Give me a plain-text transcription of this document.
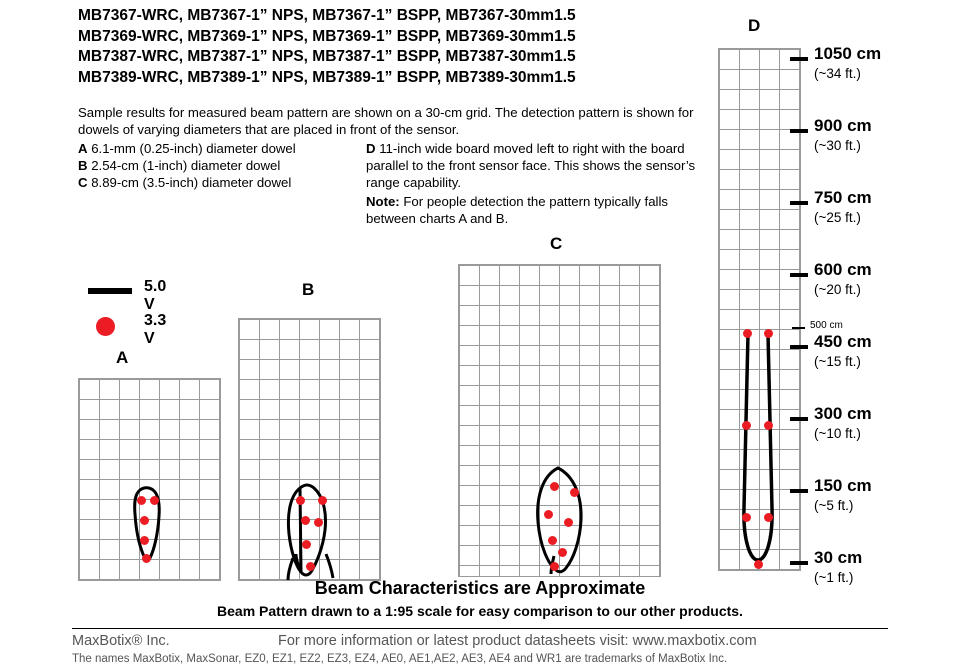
MB7367-WRC, MB7367-1” NPS, MB7367-1” BSPP, MB7367-30mm1.5
MB7369-WRC, MB7369-1” NPS, MB7369-1” BSPP, MB7369-30mm1.5
MB7387-WRC, MB7387-1” NPS, MB7387-1” BSPP, MB7387-30mm1.5
MB7389-WRC, MB7389-1” NPS, MB7389-1” BSPP, MB7389-30mm1.5
Sample results for measured beam pattern are shown on a 30-cm grid. The detection pattern is shown for dowels of varying diameters that are placed in front of the sensor.
A 6.1-mm (0.25-inch) diameter dowel
B 2.54-cm (1-inch) diameter dowel
C 8.89-cm (3.5-inch) diameter dowel
D 11-inch wide board moved left to right with the board parallel to the front sensor face. This shows the sensor’s range capability.
Note: For people detection the pattern typically falls between charts A and B.
5.0 V
3.3 V
A
B
C
D
1050 cm
(~34 ft.)
900 cm
(~30 ft.)
750 cm
(~25 ft.)
600 cm
(~20 ft.)
500 cm
450 cm
(~15 ft.)
300 cm
(~10 ft.)
150 cm
(~5 ft.)
30 cm
(~1 ft.)
Beam Characteristics are Approximate
Beam Pattern drawn to a 1:95 scale for easy comparison to our other products.
MaxBotix® Inc.	For more information or latest product datasheets visit: www.maxbotix.com
The names MaxBotix, MaxSonar, EZ0, EZ1, EZ2, EZ3, EZ4, AE0, AE1,AE2, AE3, AE4 and WR1 are trademarks of MaxBotix Inc.
